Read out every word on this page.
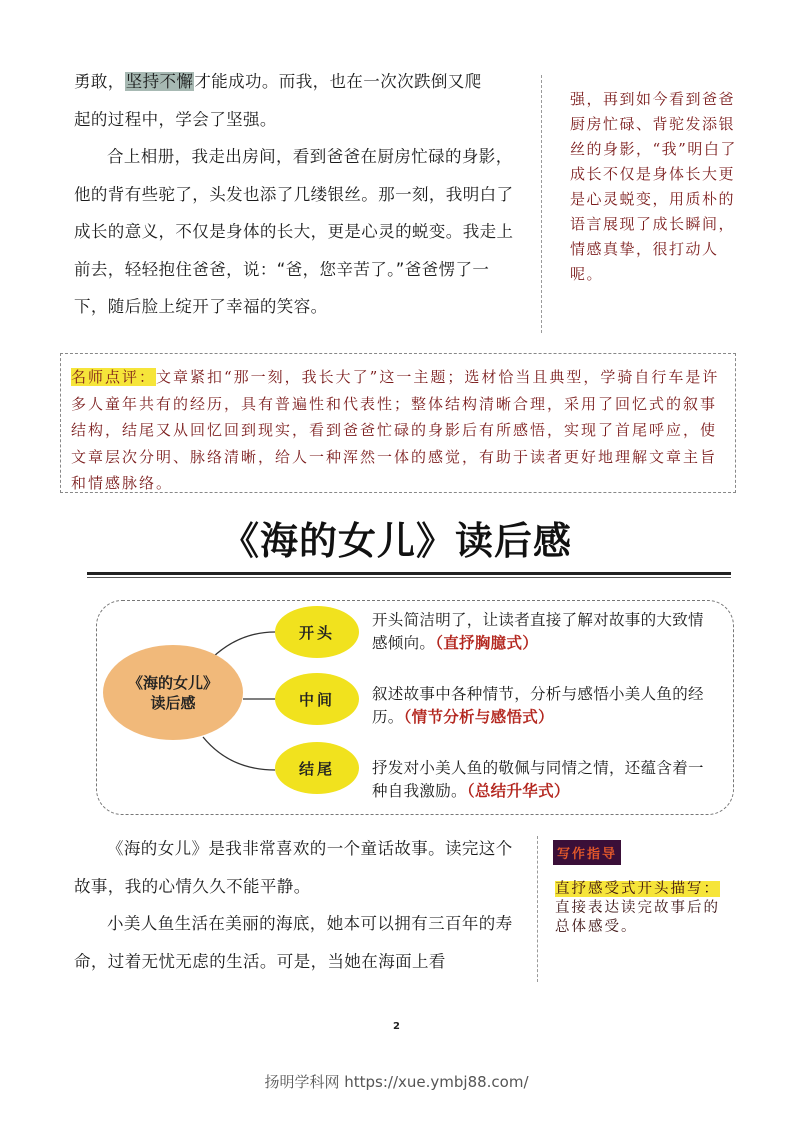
勇敢，坚持不懈才能成功。而我，也在一次次跌倒又爬

起的过程中，学会了坚强。

合上相册，我走出房间，看到爸爸在厨房忙碌的身影，他的背有些驼了，头发也添了几缕银丝。那一刻，我明白了成长的意义，不仅是身体的长大，更是心灵的蜕变。我走上前去，轻轻抱住爸爸，说：“爸，您辛苦了。”爸爸愣了一下，随后脸上绽开了幸福的笑容。

强，再到如今看到爸爸厨房忙碌、背驼发添银丝的身影，“我”明白了成长不仅是身体长大更是心灵蜕变，用质朴的语言展现了成长瞬间，情感真挚，很打动人呢。
名师点评：文章紧扣“那一刻，我长大了”这一主题；选材恰当且典型，学骑自行车是许多人童年共有的经历，具有普遍性和代表性；整体结构清晰合理，采用了回忆式的叙事结构，结尾又从回忆回到现实，看到爸爸忙碌的身影后有所感悟，实现了首尾呼应，使文章层次分明、脉络清晰，给人一种浑然一体的感觉，有助于读者更好地理解文章主旨和情感脉络。
《海的女儿》读后感
《海的女儿》读后感
开头
中间
结尾
开头简洁明了，让读者直接了解对故事的大致情感倾向。（直抒胸臆式）
叙述故事中各种情节，分析与感悟小美人鱼的经历。（情节分析与感悟式）
抒发对小美人鱼的敬佩与同情之情，还蕴含着一种自我激励。（总结升华式）

《海的女儿》是我非常喜欢的一个童话故事。读完这个故事，我的心情久久不能平静。

小美人鱼生活在美丽的海底，她本可以拥有三百年的寿命，过着无忧无虑的生活。可是，当她在海面上看

写作指导
直抒感受式开头描写：
直接表达读完故事后的总体感受。
2
扬明学科网 https://xue.ymbj88.com/
